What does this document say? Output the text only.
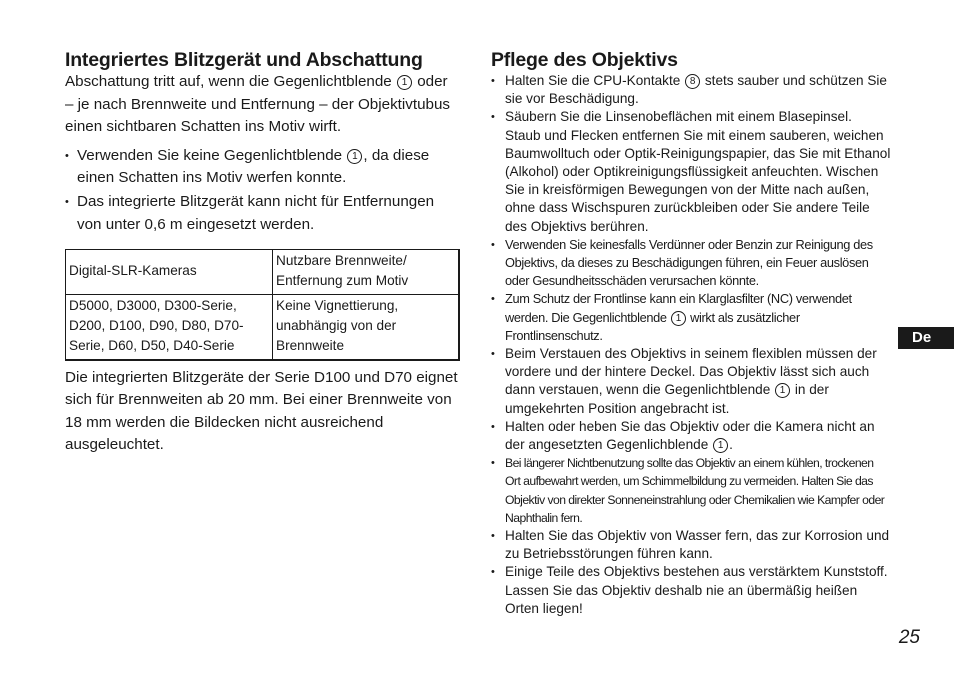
Integriertes Blitzgerät und Abschattung

Abschattung tritt auf, wenn die Gegenlichtblende 1 oder – je nach Brennweite und Entfernung – der Objektivtubus einen sichtbaren Schatten ins Motiv wirft.

• Verwenden Sie keine Gegenlichtblende 1 , da diese einen Schatten ins Motiv werfen konnte.
• Das integrierte Blitzgerät kann nicht für Entfernungen von unter 0,6 m eingesetzt werden.
Digital-SLR-Kameras	Nutzbare Brennweite/ Entfernung zum Motiv
D5000, D3000, D300-Serie, D200, D100, D90, D80, D70-Serie, D60, D50, D40-Serie	Keine Vignettierung, unabhängig von der Brennweite

Die integrierten Blitzgeräte der Serie D100 und D70 eignet sich für Brennweiten ab 20 mm. Bei einer Brennweite von 18 mm werden die Bildecken nicht ausreichend ausgeleuchtet.

Pflege des Objektivs
• Halten Sie die CPU-Kontakte 8 stets sauber und schützen Sie sie vor Beschädigung.
• Säubern Sie die Linsenobeflächen mit einem Blasepinsel. Staub und Flecken entfernen Sie mit einem sauberen, weichen Baumwolltuch oder Optik-Reinigungspapier, das Sie mit Ethanol (Alkohol) oder Optikreinigungsflüssigkeit anfeuchten. Wischen Sie in kreisförmigen Bewegungen von der Mitte nach außen, ohne dass Wischspuren zurückbleiben oder Sie andere Teile des Objektivs berühren.
• Verwenden Sie keinesfalls Verdünner oder Benzin zur Reinigung des Objektivs, da dieses zu Beschädigungen führen, ein Feuer auslösen oder Gesundheitsschäden verursachen könnte.
• Zum Schutz der Frontlinse kann ein Klarglasfilter (NC) verwendet werden. Die Gegenlichtblende 1 wirkt als zusätzlicher Frontlinsenschutz.
• Beim Verstauen des Objektivs in seinem flexiblen müssen der vordere und der hintere Deckel. Das Objektiv lässt sich auch dann verstauen, wenn die Gegenlichtblende 1 in der umgekehrten Position angebracht ist.
• Halten oder heben Sie das Objektiv oder die Kamera nicht an der angesetzten Gegenlichblende 1 .
• Bei längerer Nichtbenutzung sollte das Objektiv an einem kühlen, trockenen Ort aufbewahrt werden, um Schimmelbildung zu vermeiden. Halten Sie das Objektiv von direkter Sonneneinstrahlung oder Chemikalien wie Kampfer oder Naphthalin fern.
• Halten Sie das Objektiv von Wasser fern, das zur Korrosion und zu Betriebsstörungen führen kann.
• Einige Teile des Objektivs bestehen aus verstärktem Kunststoff. Lassen Sie das Objektiv deshalb nie an übermäßig heißen Orten liegen!
De
25
